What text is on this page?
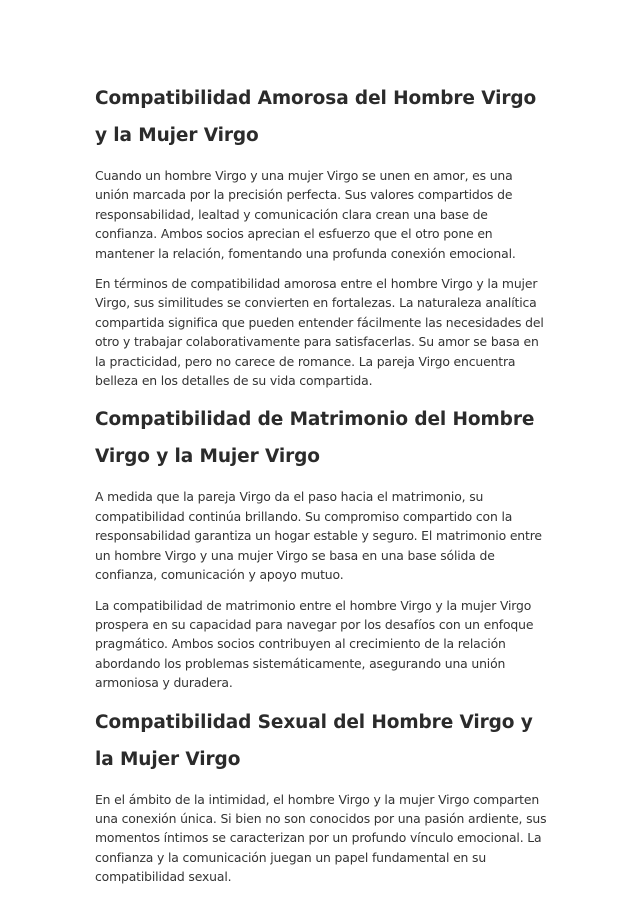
Compatibilidad Amorosa del Hombre Virgo y la Mujer Virgo

Cuando un hombre Virgo y una mujer Virgo se unen en amor, es una unión marcada por la precisión perfecta. Sus valores compartidos de responsabilidad, lealtad y comunicación clara crean una base de confianza. Ambos socios aprecian el esfuerzo que el otro pone en mantener la relación, fomentando una profunda conexión emocional.

En términos de compatibilidad amorosa entre el hombre Virgo y la mujer Virgo, sus similitudes se convierten en fortalezas. La naturaleza analítica compartida significa que pueden entender fácilmente las necesidades del otro y trabajar colaborativamente para satisfacerlas. Su amor se basa en la practicidad, pero no carece de romance. La pareja Virgo encuentra belleza en los detalles de su vida compartida.

Compatibilidad de Matrimonio del Hombre Virgo y la Mujer Virgo

A medida que la pareja Virgo da el paso hacia el matrimonio, su compatibilidad continúa brillando. Su compromiso compartido con la responsabilidad garantiza un hogar estable y seguro. El matrimonio entre un hombre Virgo y una mujer Virgo se basa en una base sólida de confianza, comunicación y apoyo mutuo.

La compatibilidad de matrimonio entre el hombre Virgo y la mujer Virgo prospera en su capacidad para navegar por los desafíos con un enfoque pragmático. Ambos socios contribuyen al crecimiento de la relación abordando los problemas sistemáticamente, asegurando una unión armoniosa y duradera.

Compatibilidad Sexual del Hombre Virgo y la Mujer Virgo

En el ámbito de la intimidad, el hombre Virgo y la mujer Virgo comparten una conexión única. Si bien no son conocidos por una pasión ardiente, sus momentos íntimos se caracterizan por un profundo vínculo emocional. La confianza y la comunicación juegan un papel fundamental en su compatibilidad sexual.
